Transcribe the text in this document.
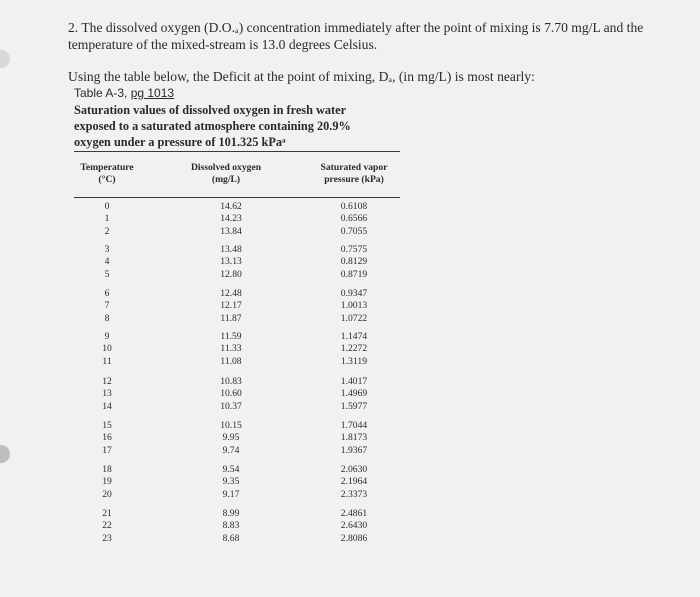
2. The dissolved oxygen (D.O.ₐ) concentration immediately after the point of mixing is 7.70 mg/L and the temperature of the mixed-stream is 13.0 degrees Celsius.
Using the table below, the Deficit at the point of mixing, Dₐ, (in mg/L) is most nearly:
Table A-3, pg 1013
Saturation values of dissolved oxygen in fresh water
exposed to a saturated atmosphere containing 20.9%
oxygen under a pressure of 101.325 kPaᵃ
Temperature
(°C)
Dissolved oxygen
(mg/L)
Saturated vapor
pressure (kPa)
0
1
2
14.62
14.23
13.84
0.6108
0.6566
0.7055
3
4
5
13.48
13.13
12.80
0.7575
0.8129
0.8719
6
7
8
12.48
12.17
11.87
0.9347
1.0013
1.0722
9
10
11
11.59
11.33
11.08
1.1474
1.2272
1.3119
12
13
14
10.83
10.60
10.37
1.4017
1.4969
1.5977
15
16
17
10.15
9.95
9.74
1.7044
1.8173
1.9367
18
19
20
9.54
9.35
9.17
2.0630
2.1964
2.3373
21
22
23
8.99
8.83
8.68
2.4861
2.6430
2.8086
